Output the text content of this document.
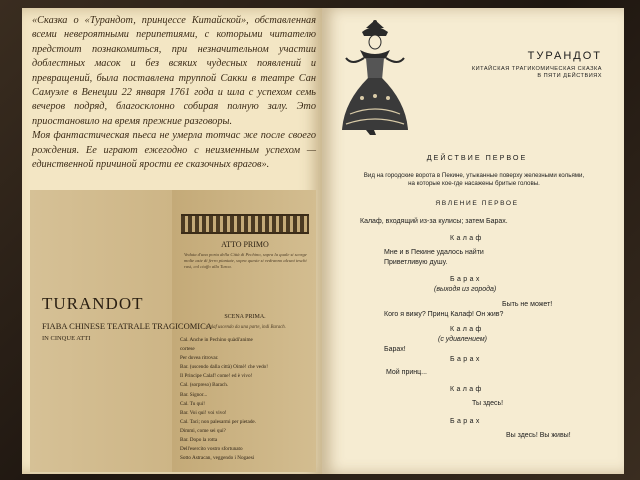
«Сказка о «Турандот, принцессе Китайской», обставленная всеми невероятными перипетиями, с которыми читателю предстоит познакомиться, при незначительном участии доблестных масок и без всяких чудесных появлений и превращений, была поставлена труппой Сакки в театре Сан Самуэле в Венеции 22 января 1761 года и шла с успехом семь вечеров подряд, благосклонно собирая полную залу. Это приостановило на время прежние разговоры.

Моя фантастическая пьеса не умерла тотчас же после своего рождения. Ее играют ежегодно с неизменным успехом — единственной причиной ярости ее сказочных врагов».

TURANDOT
FIABA CHINESE TEATRALE TRAGICOMICA
IN CINQUE ATTI
ATTO PRIMO
Veduta d'una porta della Città di Pechino, sopra la quale si scorge molte aste di ferro piantate, sopra queste si vedranno alcuni teschi rasi, col ciuffo alla Turca.
SCENA PRIMA.
Calaf uscendo da una parte, indi Barach.
Cal. Anche in Pechino quàdi'anime
cortese
Per dovea ritrovar.
Bar. (uscendo dalla città) Oimè! che vedo!
Il Principe Calaf! come! ed è vivo!
Cal. (sorpreso) Barach.
Bar. Signor...
Cal. Tu qui!
Bar. Voi qui! voi vivo!
Cal. Taci; non palesarmi per pietade.
Dimmi, come sei qui?
Bar. Dopo la rotta
Dell'esercito vostro sfortunato
Sotto Astracan, veggendo i Nogaesi
ТУРАНДОТ
КИТАЙСКАЯ ТРАГИКОМИЧЕСКАЯ СКАЗКА
В ПЯТИ ДЕЙСТВИЯХ
ДЕЙСТВИЕ ПЕРВОЕ
Вид на городские ворота в Пекине, утыканные поверху железными кольями,
на которые кое-где насажены бритые головы.
ЯВЛЕНИЕ ПЕРВОЕ
Калаф, входящий из-за кулисы; затем Барах.
Калаф
Мне и в Пекине удалось найти
Приветливую душу.
Барах
(выходя из города)
Быть не может!
Кого я вижу? Принц Калаф! Он жив?
Калаф
(с удивлением)
Барах!
Барах
Мой принц...
Калаф
Ты здесь!
Барах
Вы здесь! Вы живы!
